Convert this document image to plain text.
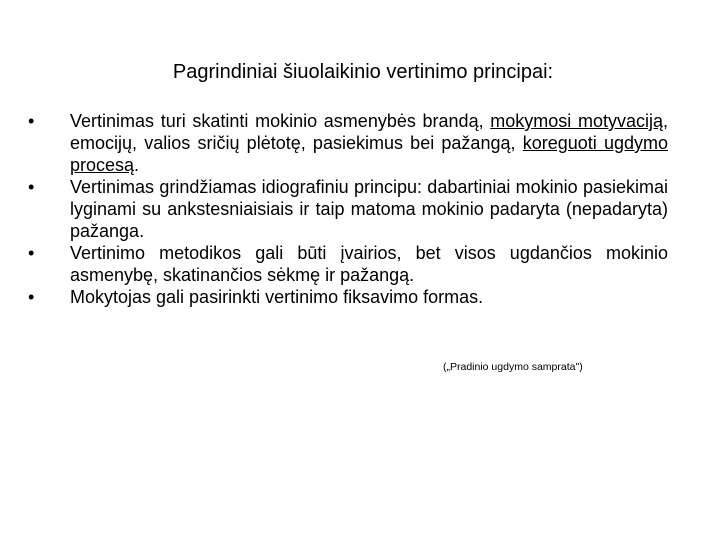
Pagrindiniai šiuolaikinio vertinimo principai:
•	Vertinimas turi skatinti mokinio asmenybės brandą, mokymosi motyvaciją, emocijų, valios sričių plėtotę, pasiekimus bei pažangą, koreguoti ugdymo procesą.
•	Vertinimas grindžiamas idiografiniu principu: dabartiniai mokinio pasiekimai lyginami su ankstesniaisiais ir taip matoma mokinio padaryta (nepadaryta) pažanga.
•	Vertinimo metodikos gali būti įvairios, bet visos ugdančios mokinio asmenybę, skatinančios sėkmę ir pažangą.
•	Mokytojas gali pasirinkti vertinimo fiksavimo formas.
(„Pradinio ugdymo samprata")
